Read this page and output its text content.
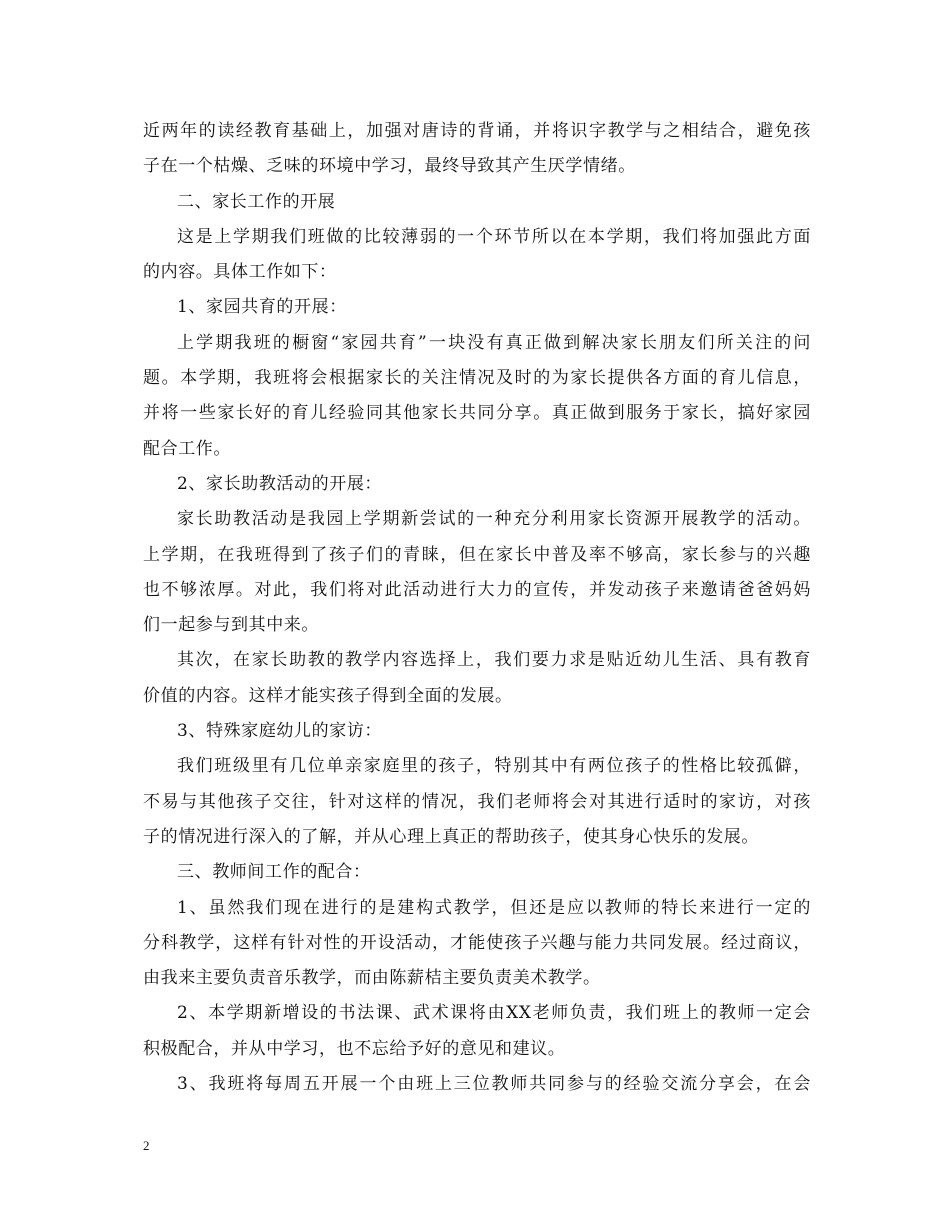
近两年的读经教育基础上，加强对唐诗的背诵，并将识字教学与之相结合，避免孩
子在一个枯燥、乏味的环境中学习，最终导致其产生厌学情绪。
二、家长工作的开展
这是上学期我们班做的比较薄弱的一个环节所以在本学期，我们将加强此方面
的内容。具体工作如下：
1、家园共育的开展：
上学期我班的橱窗“家园共育”一块没有真正做到解决家长朋友们所关注的问
题。本学期，我班将会根据家长的关注情况及时的为家长提供各方面的育儿信息，
并将一些家长好的育儿经验同其他家长共同分享。真正做到服务于家长，搞好家园
配合工作。
2、家长助教活动的开展：
家长助教活动是我园上学期新尝试的一种充分利用家长资源开展教学的活动。
上学期，在我班得到了孩子们的青睐，但在家长中普及率不够高，家长参与的兴趣
也不够浓厚。对此，我们将对此活动进行大力的宣传，并发动孩子来邀请爸爸妈妈
们一起参与到其中来。
其次，在家长助教的教学内容选择上，我们要力求是贴近幼儿生活、具有教育
价值的内容。这样才能实孩子得到全面的发展。
3、特殊家庭幼儿的家访：
我们班级里有几位单亲家庭里的孩子，特别其中有两位孩子的性格比较孤僻，
不易与其他孩子交往，针对这样的情况，我们老师将会对其进行适时的家访，对孩
子的情况进行深入的了解，并从心理上真正的帮助孩子，使其身心快乐的发展。
三、教师间工作的配合：
1、虽然我们现在进行的是建构式教学，但还是应以教师的特长来进行一定的
分科教学，这样有针对性的开设活动，才能使孩子兴趣与能力共同发展。经过商议，
由我来主要负责音乐教学，而由陈薪桔主要负责美术教学。
2、本学期新增设的书法课、武术课将由XX老师负责，我们班上的教师一定会
积极配合，并从中学习，也不忘给予好的意见和建议。
3、我班将每周五开展一个由班上三位教师共同参与的经验交流分享会，在会
2
